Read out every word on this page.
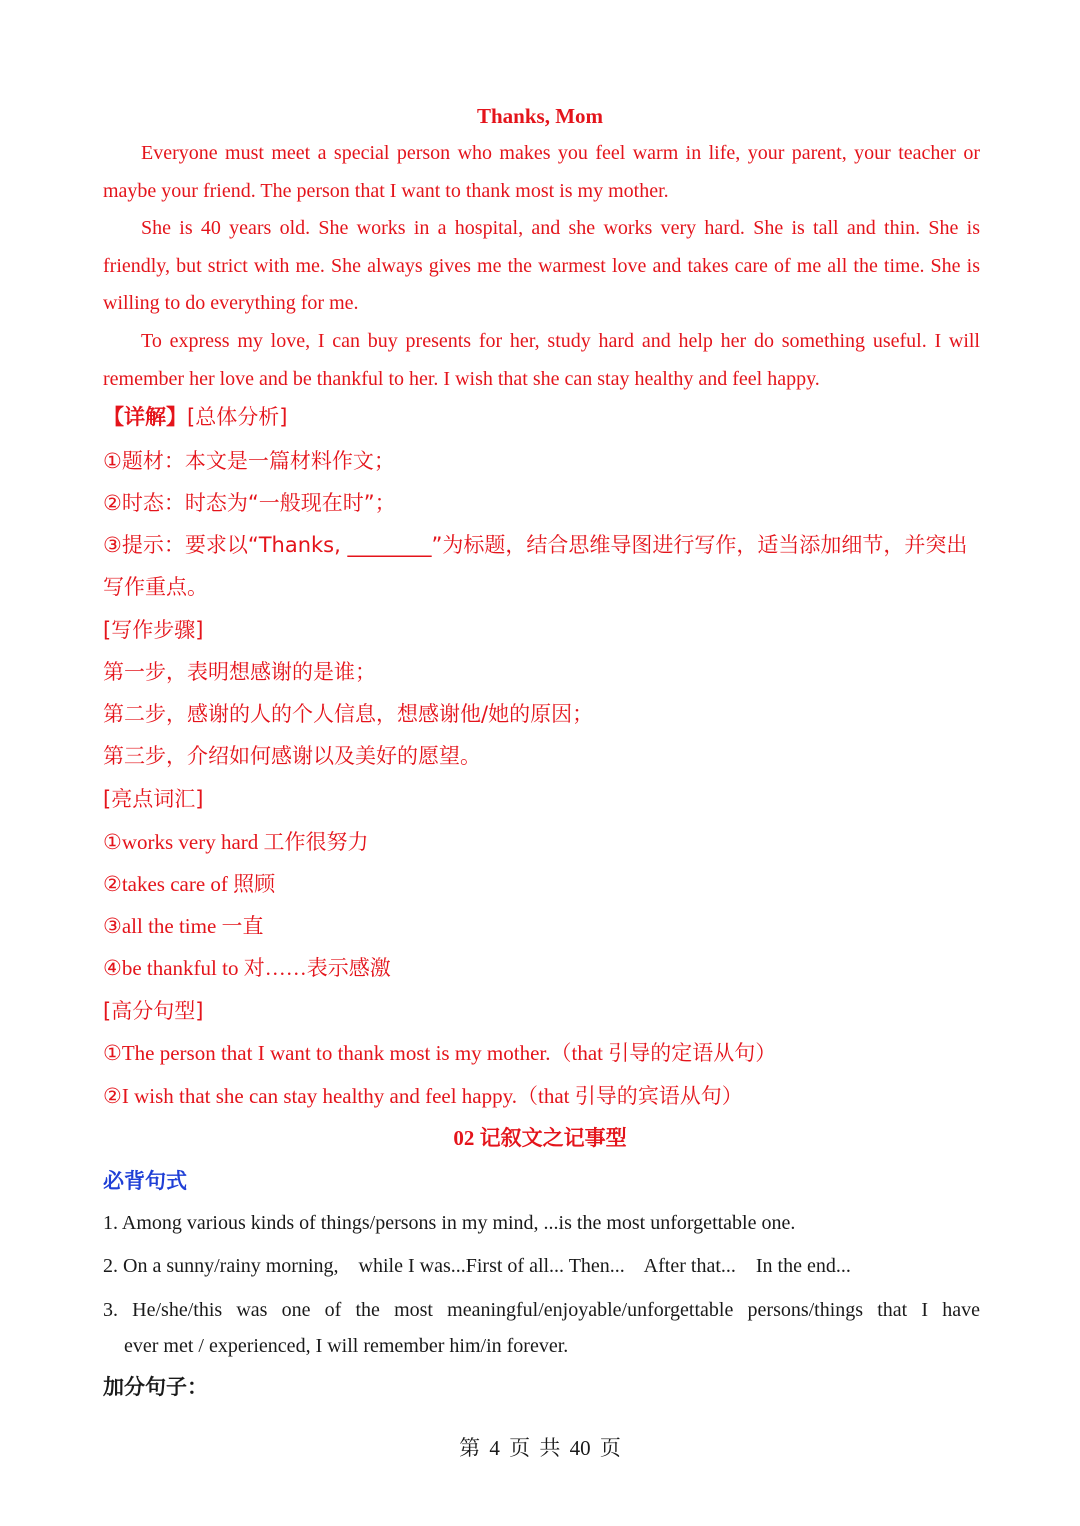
Thanks, Mom

Everyone must meet a special person who makes you feel warm in life, your parent, your teacher or maybe your friend. The person that I want to thank most is my mother.

She is 40 years old. She works in a hospital, and she works very hard. She is tall and thin. She is friendly, but strict with me. She always gives me the warmest love and takes care of me all the time. She is willing to do everything for me.

To express my love, I can buy presents for her, study hard and help her do something useful. I will remember her love and be thankful to her. I wish that she can stay healthy and feel happy.

【详解】[总体分析]
①题材：本文是一篇材料作文；
②时态：时态为“一般现在时”；
③提示：要求以“Thanks, ________”为标题，结合思维导图进行写作，适当添加细节，并突出写作重点。
[写作步骤]
第一步，表明想感谢的是谁；
第二步，感谢的人的个人信息，想感谢他/她的原因；
第三步，介绍如何感谢以及美好的愿望。
[亮点词汇]
①works very hard 工作很努力
②takes care of 照顾
③all the time 一直
④be thankful to 对……表示感激
[高分句型]
①The person that I want to thank most is my mother.（that 引导的定语从句）
②I wish that she can stay healthy and feel happy.（that 引导的宾语从句）
02 记叙文之记事型
必背句式
1. Among various kinds of things/persons in my mind, ...is the most unforgettable one.
2. On a sunny/rainy morning,    while I was...First of all... Then...    After that...    In the end...
3. He/she/this was one of the most meaningful/enjoyable/unforgettable persons/things that I have
ever met / experienced, I will remember him/in forever.
加分句子：
第 4 页 共 40 页
